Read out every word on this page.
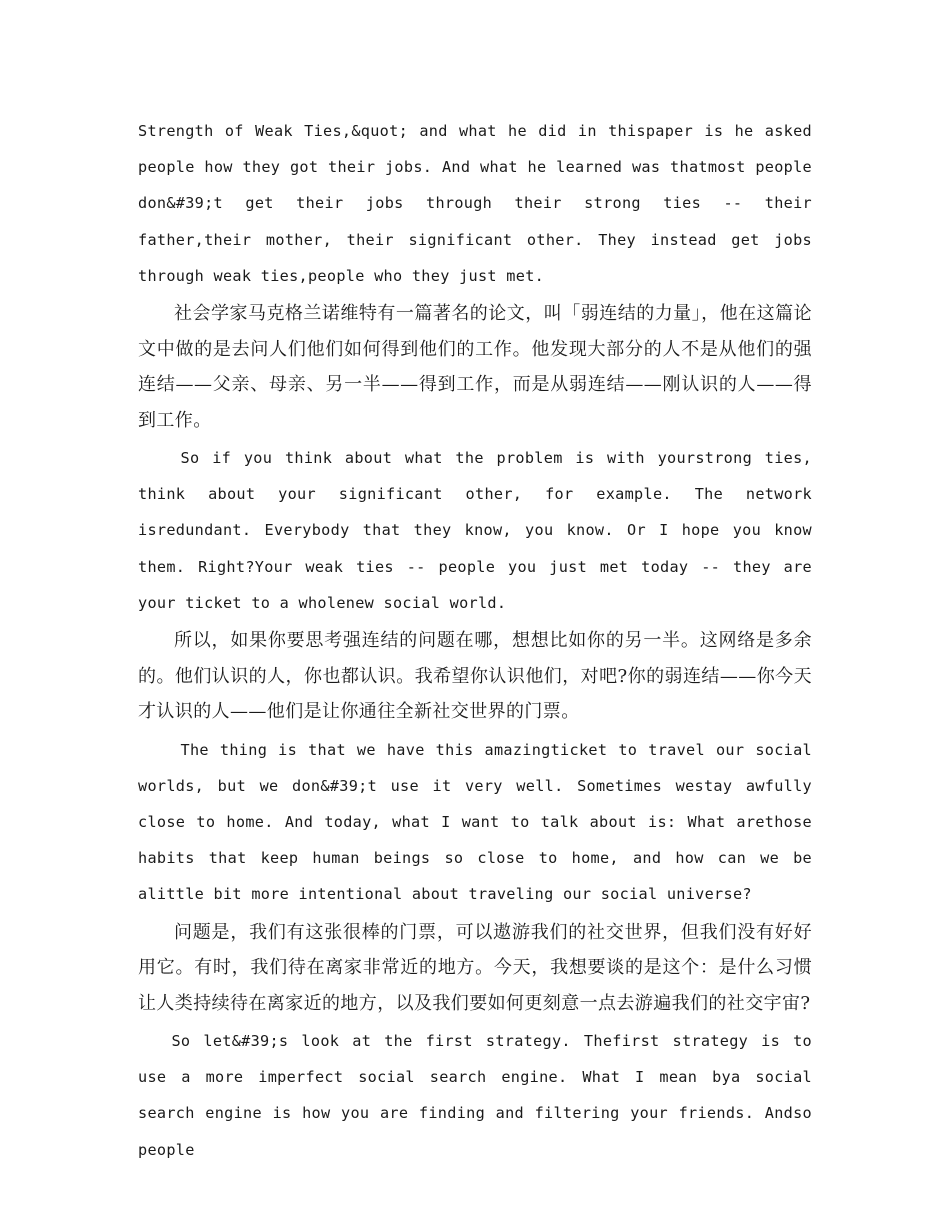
Strength of Weak Ties,&quot; and what he did in thispaper is he asked people how they got their jobs. And what he learned was thatmost people don&#39;t get their jobs through their strong ties -- their father,their mother, their significant other. They instead get jobs through weak ties,people who they just met.

社会学家马克格兰诺维特有一篇著名的论文，叫「弱连结的力量」，他在这篇论文中做的是去问人们他们如何得到他们的工作。他发现大部分的人不是从他们的强连结——父亲、母亲、另一半——得到工作，而是从弱连结——刚认识的人——得到工作。

So if you think about what the problem is with yourstrong ties, think about your significant other, for example. The network isredundant. Everybody that they know, you know. Or I hope you know them. Right?Your weak ties -- people you just met today -- they are your ticket to a wholenew social world.

所以，如果你要思考强连结的问题在哪，想想比如你的另一半。这网络是多余的。他们认识的人，你也都认识。我希望你认识他们，对吧?你的弱连结——你今天才认识的人——他们是让你通往全新社交世界的门票。

The thing is that we have this amazingticket to travel our social worlds, but we don&#39;t use it very well. Sometimes westay awfully close to home. And today, what I want to talk about is: What arethose habits that keep human beings so close to home, and how can we be alittle bit more intentional about traveling our social universe?

问题是，我们有这张很棒的门票，可以遨游我们的社交世界，但我们没有好好用它。有时，我们待在离家非常近的地方。今天，我想要谈的是这个：是什么习惯让人类持续待在离家近的地方，以及我们要如何更刻意一点去游遍我们的社交宇宙?

So let&#39;s look at the first strategy. Thefirst strategy is to use a more imperfect social search engine. What I mean bya social search engine is how you are finding and filtering your friends. Andso people
